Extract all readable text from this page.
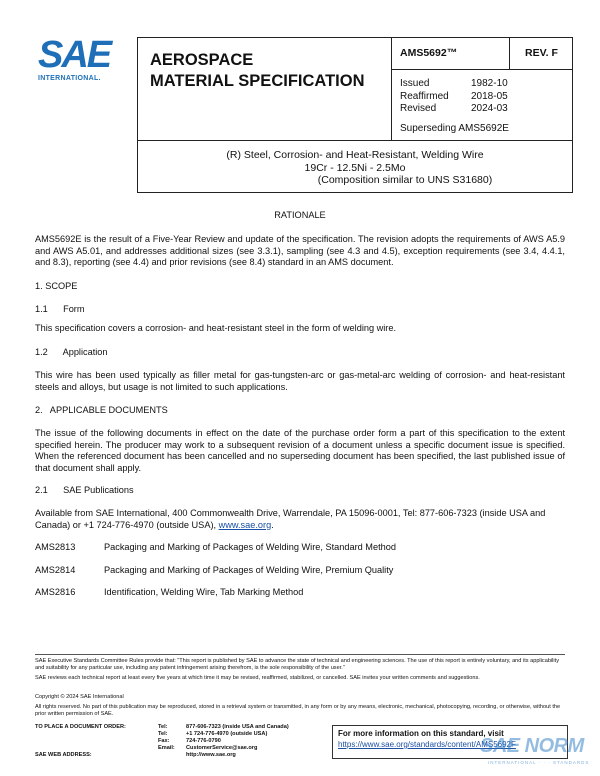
SAE
INTERNATIONAL.
AEROSPACE
MATERIAL SPECIFICATION
AMS5692™	REV. F
Issued	1982-10
Reaffirmed	2018-05
Revised	2024-03
Superseding AMS5692E
(R) Steel, Corrosion- and Heat-Resistant, Welding Wire
19Cr - 12.5Ni - 2.5Mo
(Composition similar to UNS S31680)
RATIONALE
AMS5692E is the result of a Five-Year Review and update of the specification. The revision adopts the requirements of AWS A5.9 and AWS A5.01, and addresses additional sizes (see 3.3.1), sampling (see 4.3 and 4.5), exception requirements (see 3.4, 4.4.1, and 8.3), reporting (see 4.4) and prior revisions (see 8.4) standard in an AMS document.
1. SCOPE
1.1      Form
This specification covers a corrosion- and heat-resistant steel in the form of welding wire.
1.2      Application
This wire has been used typically as filler metal for gas-tungsten-arc or gas-metal-arc welding of corrosion- and heat-resistant steels and alloys, but usage is not limited to such applications.
2.   APPLICABLE DOCUMENTS
The issue of the following documents in effect on the date of the purchase order form a part of this specification to the extent specified herein. The producer may work to a subsequent revision of a document unless a specific document issue is specified. When the referenced document has been cancelled and no superseding document has been specified, the last published issue of that document shall apply.
2.1      SAE Publications
Available from SAE International, 400 Commonwealth Drive, Warrendale, PA 15096-0001, Tel: 877-606-7323 (inside USA and Canada) or +1 724-776-4970 (outside USA), www.sae.org.
AMS2813	Packaging and Marking of Packages of Welding Wire, Standard Method
AMS2814	Packaging and Marking of Packages of Welding Wire, Premium Quality
AMS2816	Identification, Welding Wire, Tab Marking Method
SAE Executive Standards Committee Rules provide that: “This report is published by SAE to advance the state of technical and engineering sciences. The use of this report is entirely voluntary, and its applicability and suitability for any particular use, including any patent infringement arising therefrom, is the sole responsibility of the user.”
SAE reviews each technical report at least every five years at which time it may be revised, reaffirmed, stabilized, or cancelled. SAE invites your written comments and suggestions.
Copyright © 2024 SAE International
All rights reserved. No part of this publication may be reproduced, stored in a retrieval system or transmitted, in any form or by any means, electronic, mechanical, photocopying, recording, or otherwise, without the prior written permission of SAE.
TO PLACE A DOCUMENT ORDER:	Tel:	877-606-7323 (inside USA and Canada)
Tel:	+1 724-776-4970 (outside USA)
Fax:	724-776-0790
Email:	CustomerService@sae.org
SAE WEB ADDRESS:	http://www.sae.org
For more information on this standard, visit
https://www.sae.org/standards/content/AMS5692F
SAE NORM
INTERNATIONAL · · · STANDARDS
